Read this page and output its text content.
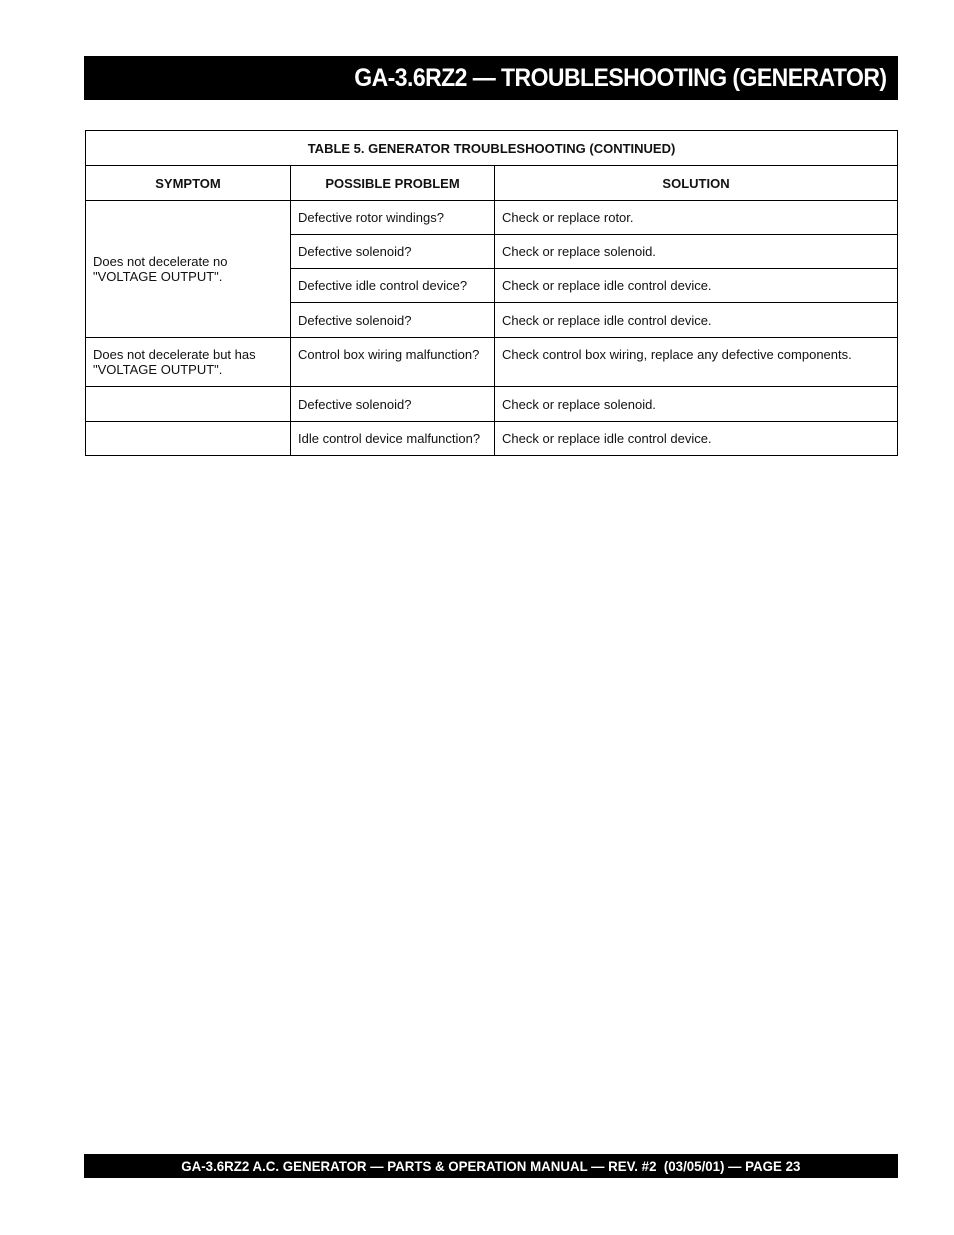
GA-3.6RZ2 — TROUBLESHOOTING (GENERATOR)
TABLE 5. GENERATOR TROUBLESHOOTING (CONTINUED)		
SYMPTOM	POSSIBLE PROBLEM	SOLUTION

Does not decelerate no
"VOLTAGE OUTPUT".	Defective rotor windings?	Check or replace rotor.
	Defective solenoid?	Check or replace solenoid.
	Defective idle control device?	Check or replace idle control device.
	Defective solenoid?	Check or replace idle control device.
Does not decelerate but has
"VOLTAGE OUTPUT".	Control box wiring malfunction?	Check control box wiring, replace any defective components.
	Defective solenoid?	Check or replace solenoid.
	Idle control device malfunction?	Check or replace idle control device.
GA-3.6RZ2 A.C. GENERATOR — PARTS & OPERATION MANUAL — REV. #2  (03/05/01) — PAGE 23
